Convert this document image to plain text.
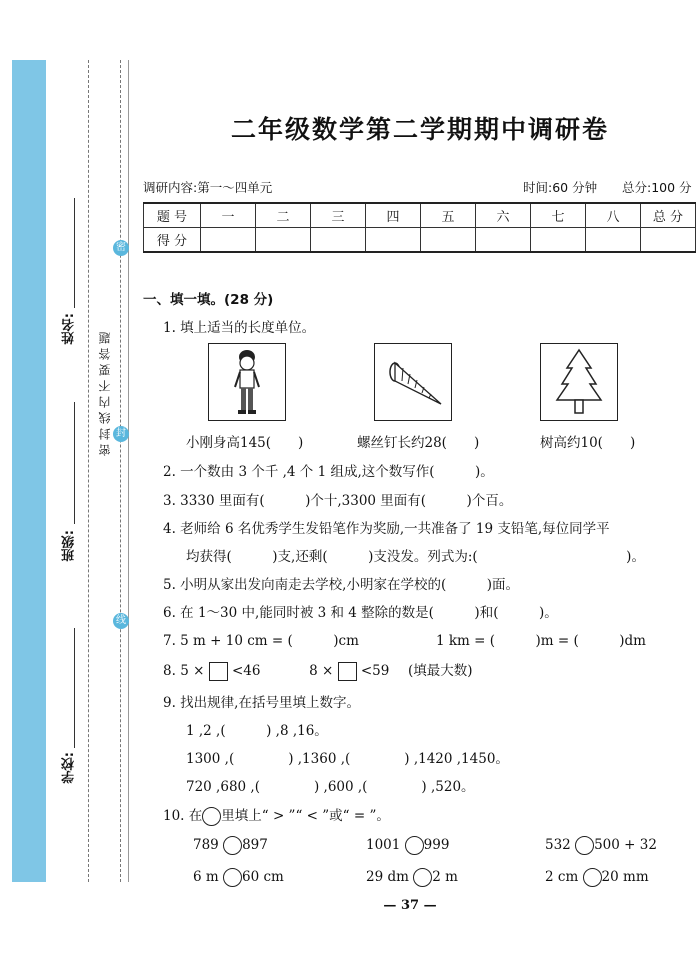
学校:
班级:
姓名:
密
封
线
密封线内不要答题
二年级数学第二学期期中调研卷
调研内容:第一～四单元	时间:60 分钟 总分:100 分
题 号	一	二	三	四	五	六	七	八	总 分
得 分									
一、填一填。(28 分)
1. 填上适当的长度单位。
小刚身高145(　　)	螺丝钉长约28(　　)	树高约10(　　)
2. 一个数由 3 个千 ,4 个 1 组成,这个数写作(　　　)。
3. 3330 里面有(　　　)个十,3300 里面有(　　　)个百。
4. 老师给 6 名优秀学生发铅笔作为奖励,一共准备了 19 支铅笔,每位同学平
均获得(　　　)支,还剩(　　　)支没发。列式为:(　　　　　　　　　　　)。
5. 小明从家出发向南走去学校,小明家在学校的(　　　)面。
6. 在 1～30 中,能同时被 3 和 4 整除的数是(　　　)和(　　　)。
7. 5 m + 10 cm = (　　　)cm	1 km = (　　　)m = (　　　)dm
8. 5 × <46	8 × <59 (填最大数)
9. 找出规律,在括号里填上数字。
1 ,2 ,(　　　) ,8 ,16。
1300 ,(　　　　) ,1360 ,(　　　　) ,1420 ,1450。
720 ,680 ,(　　　　) ,600 ,(　　　　) ,520。
10. 在 里填上“ > ”“ < ”或“ = ”。
789 897	1001 999	532 500 + 32
6 m 60 cm	29 dm 2 m	2 cm 20 mm
— 37 —
